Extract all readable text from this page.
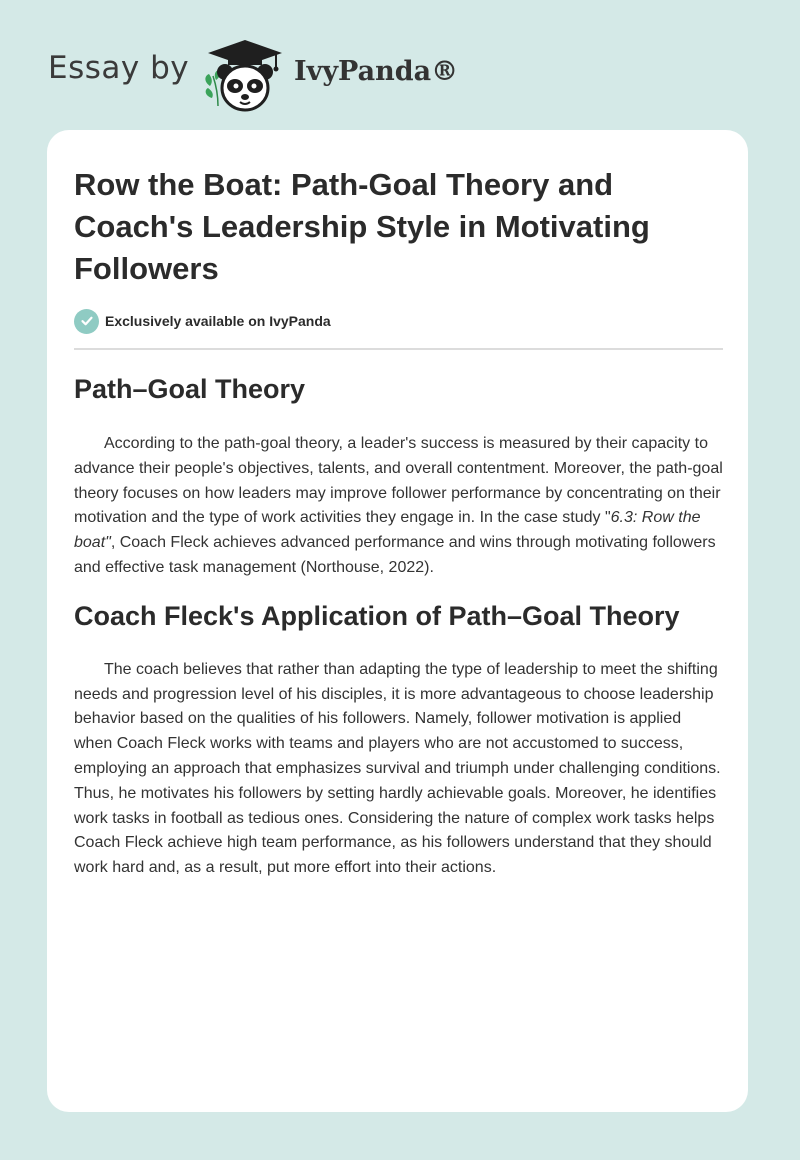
Essay by	IvyPanda®
Row the Boat: Path-Goal Theory and Coach's Leadership Style in Motivating Followers
Exclusively available on IvyPanda
Path–Goal Theory

According to the path-goal theory, a leader's success is measured by their capacity to advance their people's objectives, talents, and overall contentment. Moreover, the path-goal theory focuses on how leaders may improve follower performance by concentrating on their motivation and the type of work activities they engage in. In the case study "6.3: Row the boat", Coach Fleck achieves advanced performance and wins through motivating followers and effective task management (Northouse, 2022).

Coach Fleck's Application of Path–Goal Theory

The coach believes that rather than adapting the type of leadership to meet the shifting needs and progression level of his disciples, it is more advantageous to choose leadership behavior based on the qualities of his followers. Namely, follower motivation is applied when Coach Fleck works with teams and players who are not accustomed to success, employing an approach that emphasizes survival and triumph under challenging conditions. Thus, he motivates his followers by setting hardly achievable goals. Moreover, he identifies work tasks in football as tedious ones. Considering the nature of complex work tasks helps Coach Fleck achieve high team performance, as his followers understand that they should work hard and, as a result, put more effort into their actions.
